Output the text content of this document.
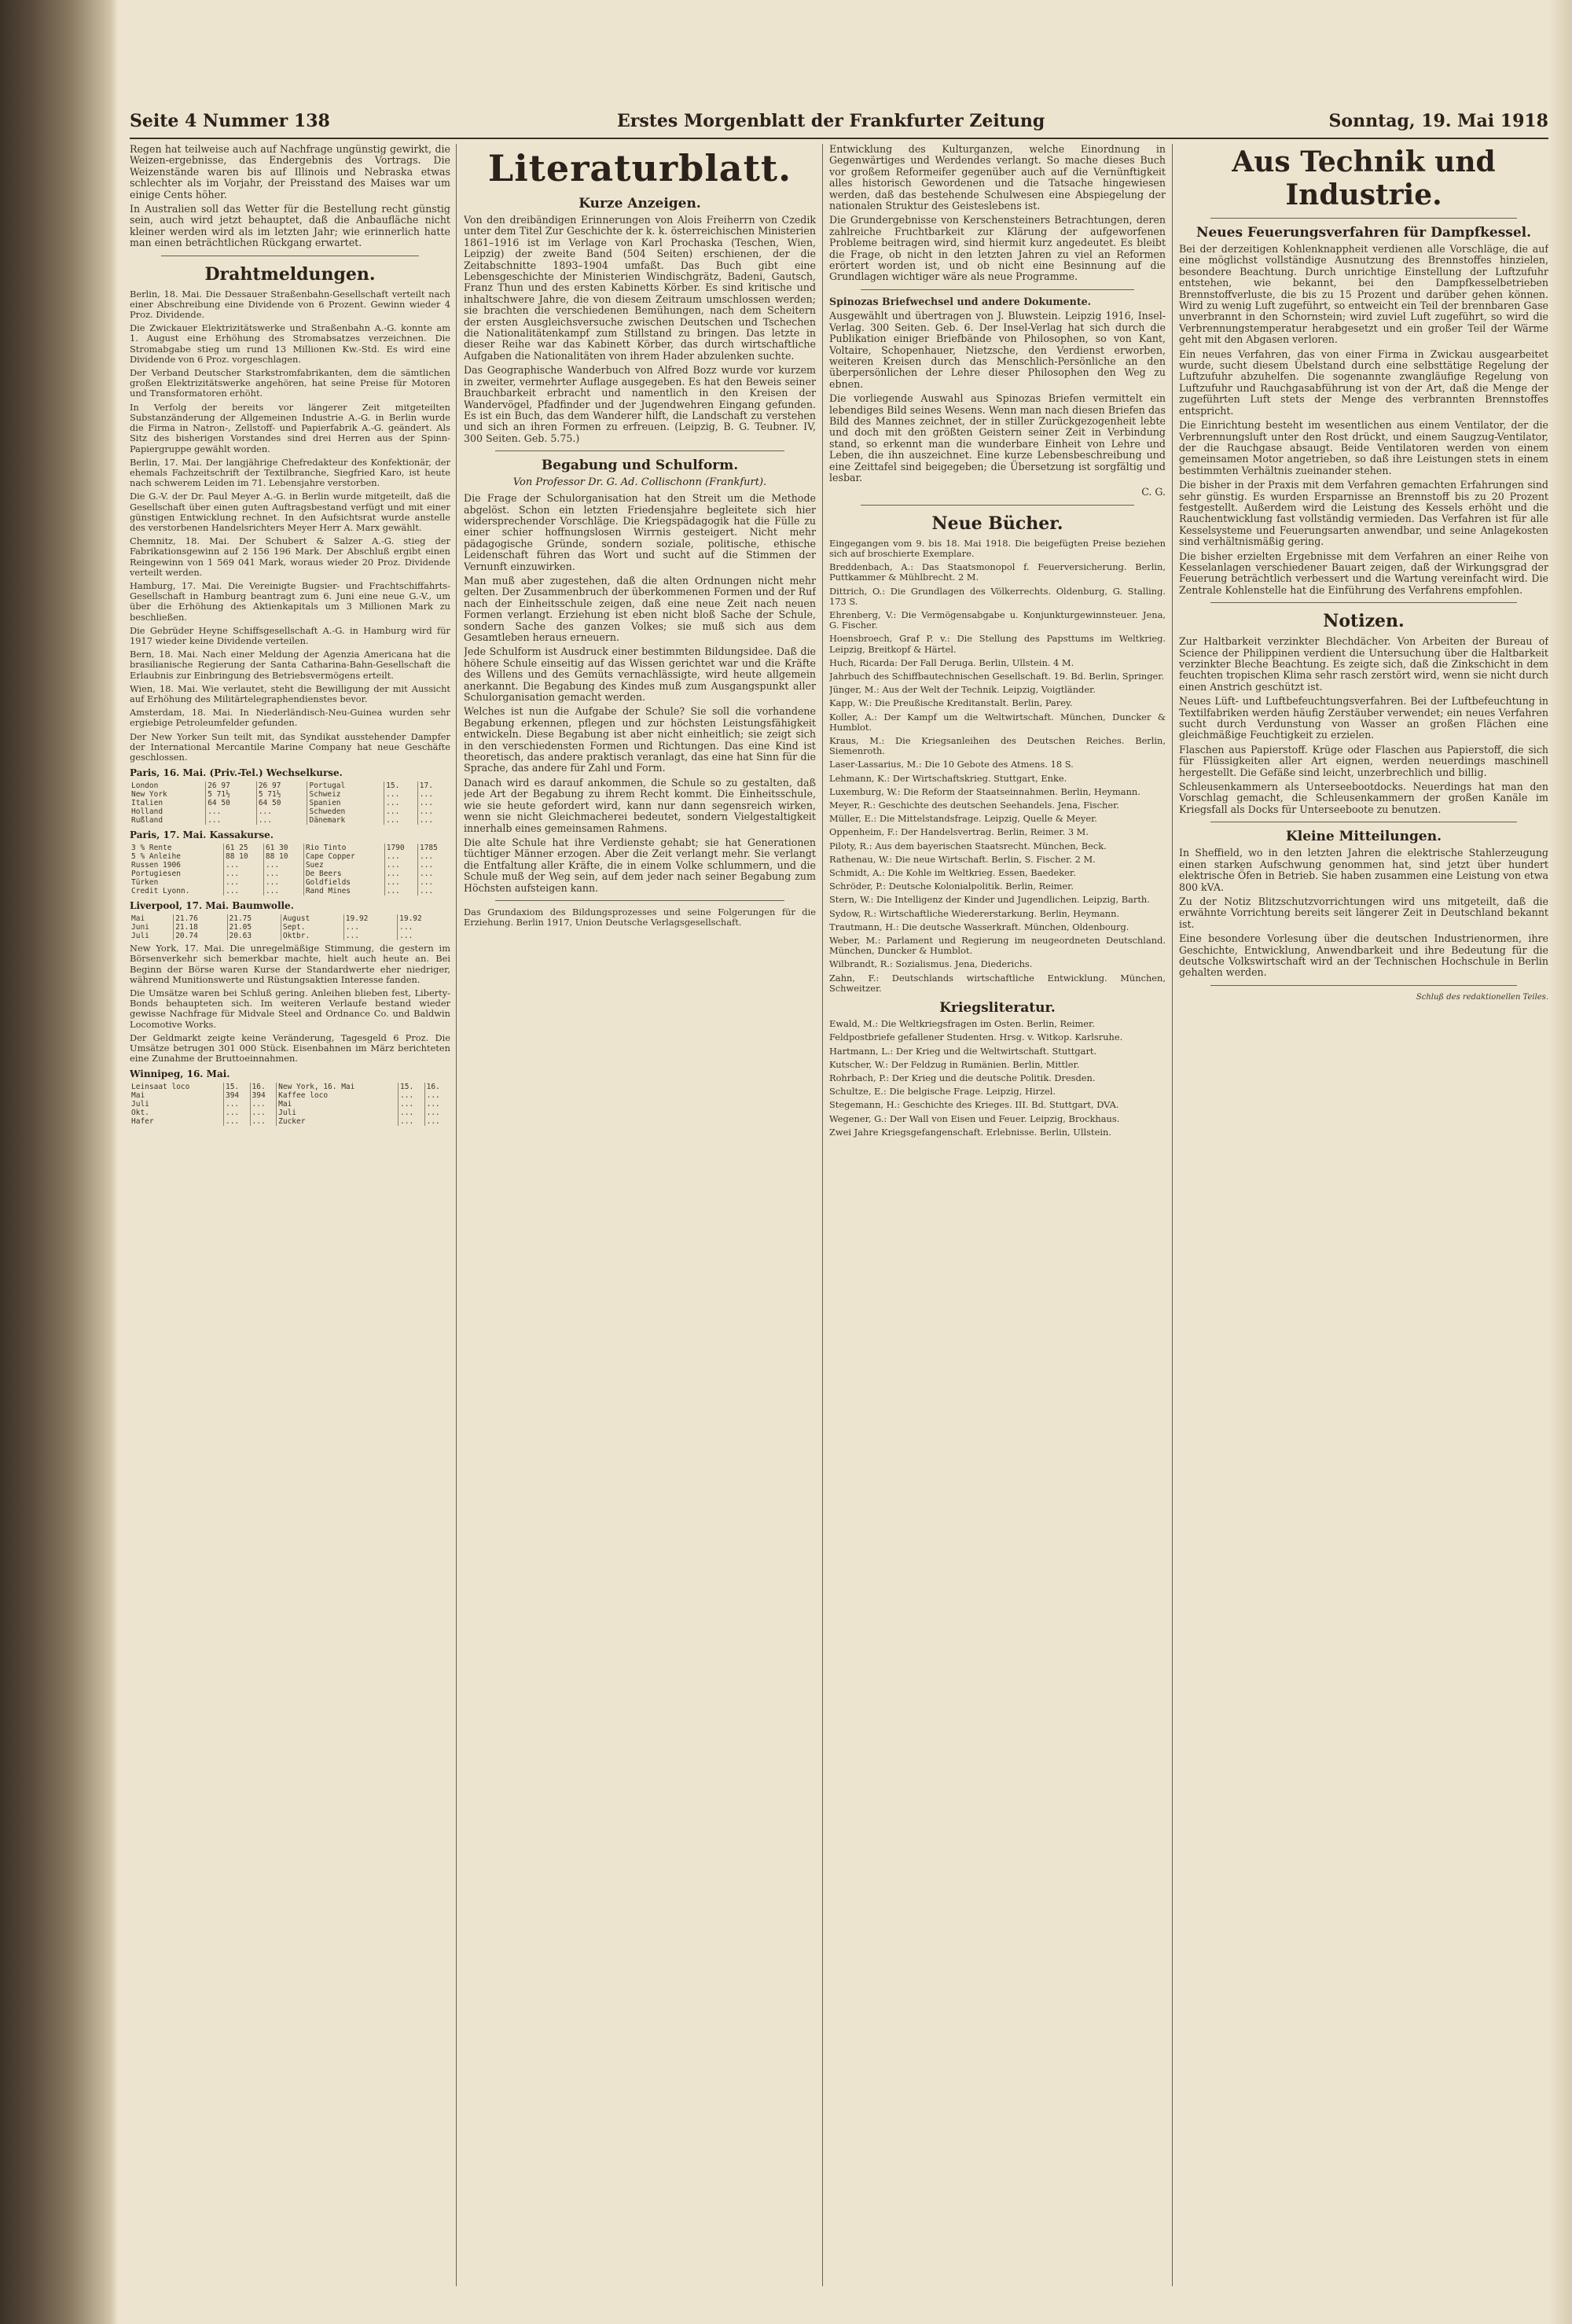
Seite 4 Nummer 138	Erstes Morgenblatt der Frankfurter Zeitung	Sonntag, 19. Mai 1918

Regen hat teilweise auch auf Nachfrage ungünstig gewirkt, die Weizen-ergebnisse, das Endergebnis des Vortrags. Die Weizenstände waren bis auf Illinois und Nebraska etwas schlechter als im Vorjahr, der Preisstand des Maises war um einige Cents höher.

In Australien soll das Wetter für die Bestellung recht günstig sein, auch wird jetzt behauptet, daß die Anbaufläche nicht kleiner werden wird als im letzten Jahr; wie erinnerlich hatte man einen beträchtlichen Rückgang erwartet.

Drahtmeldungen.

Berlin, 18. Mai. Die Dessauer Straßenbahn-Gesellschaft verteilt nach einer Abschreibung eine Dividende von 6 Prozent. Gewinn wieder 4 Proz. Dividende.

Die Zwickauer Elektrizitätswerke und Straßenbahn A.-G. konnte am 1. August eine Erhöhung des Stromabsatzes verzeichnen. Die Stromabgabe stieg um rund 13 Millionen Kw.-Std. Es wird eine Dividende von 6 Proz. vorgeschlagen.

Der Verband Deutscher Starkstromfabrikanten, dem die sämtlichen großen Elektrizitätswerke angehören, hat seine Preise für Motoren und Transformatoren erhöht.

In Verfolg der bereits vor längerer Zeit mitgeteilten Substanzänderung der Allgemeinen Industrie A.-G. in Berlin wurde die Firma in Natron-, Zellstoff- und Papierfabrik A.-G. geändert. Als Sitz des bisherigen Vorstandes sind drei Herren aus der Spinn-Papiergruppe gewählt worden.

Berlin, 17. Mai. Der langjährige Chefredakteur des Konfektionär, der ehemals Fachzeitschrift der Textilbranche, Siegfried Karo, ist heute nach schwerem Leiden im 71. Lebensjahre verstorben.

Die G.-V. der Dr. Paul Meyer A.-G. in Berlin wurde mitgeteilt, daß die Gesellschaft über einen guten Auftragsbestand verfügt und mit einer günstigen Entwicklung rechnet. In den Aufsichtsrat wurde anstelle des verstorbenen Handelsrichters Meyer Herr A. Marx gewählt.

Chemnitz, 18. Mai. Der Schubert & Salzer A.-G. stieg der Fabrikationsgewinn auf 2 156 196 Mark. Der Abschluß ergibt einen Reingewinn von 1 569 041 Mark, woraus wieder 20 Proz. Dividende verteilt werden.

Hamburg, 17. Mai. Die Vereinigte Bugsier- und Frachtschiffahrts-Gesellschaft in Hamburg beantragt zum 6. Juni eine neue G.-V., um über die Erhöhung des Aktienkapitals um 3 Millionen Mark zu beschließen.

Die Gebrüder Heyne Schiffsgesellschaft A.-G. in Hamburg wird für 1917 wieder keine Dividende verteilen.

Bern, 18. Mai. Nach einer Meldung der Agenzia Americana hat die brasilianische Regierung der Santa Catharina-Bahn-Gesellschaft die Erlaubnis zur Einbringung des Betriebsvermögens erteilt.

Wien, 18. Mai. Wie verlautet, steht die Bewilligung der mit Aussicht auf Erhöhung des Militärtelegraphendienstes bevor.

Amsterdam, 18. Mai. In Niederländisch-Neu-Guinea wurden sehr ergiebige Petroleumfelder gefunden.

Der New Yorker Sun teilt mit, das Syndikat ausstehender Dampfer der International Mercantile Marine Company hat neue Geschäfte geschlossen.

Paris, 16. Mai. (Priv.-Tel.) Wechselkurse.
London	26 97	26 97	Portugal	15.	17.
New York	5 71½	5 71½	Schweiz	...	...
Italien	64 50	64 50	Spanien	...	...
Holland	...	...	Schweden	...	...
Rußland	...	...	Dänemark	...	...
Paris, 17. Mai. Kassakurse.
3 % Rente	61 25	61 30	Rio Tinto	1790	1785
5 % Anleihe	88 10	88 10	Cape Copper	...	...
Russen 1906	...	...	Suez	...	...
Portugiesen	...	...	De Beers	...	...
Türken	...	...	Goldfields	...	...
Credit Lyonn.	...	...	Rand Mines	...	...
Liverpool, 17. Mai. Baumwolle.
Mai	21.76	21.75	August	19.92	19.92
Juni	21.18	21.05	Sept.	...	...
Juli	20.74	20.63	Oktbr.	...	...

New York, 17. Mai. Die unregelmäßige Stimmung, die gestern im Börsenverkehr sich bemerkbar machte, hielt auch heute an. Bei Beginn der Börse waren Kurse der Standardwerte eher niedriger, während Munitionswerte und Rüstungsaktien Interesse fanden.

Die Umsätze waren bei Schluß gering. Anleihen blieben fest, Liberty-Bonds behaupteten sich. Im weiteren Verlaufe bestand wieder gewisse Nachfrage für Midvale Steel and Ordnance Co. und Baldwin Locomotive Works.

Der Geldmarkt zeigte keine Veränderung, Tagesgeld 6 Proz. Die Umsätze betrugen 301 000 Stück. Eisenbahnen im März berichteten eine Zunahme der Bruttoeinnahmen.

Winnipeg, 16. Mai.
Leinsaat loco	15.	16.	New York, 16. Mai	15.	16.
Mai	394	394	Kaffee loco	...	...
Juli	...	...	Mai	...	...
Okt.	...	...	Juli	...	...
Hafer	...	...	Zucker	...	...
Literaturblatt.
Kurze Anzeigen.

Von den dreibändigen Erinnerungen von Alois Freiherrn von Czedik unter dem Titel Zur Geschichte der k. k. österreichischen Ministerien 1861–1916 ist im Verlage von Karl Prochaska (Teschen, Wien, Leipzig) der zweite Band (504 Seiten) erschienen, der die Zeitabschnitte 1893–1904 umfaßt. Das Buch gibt eine Lebensgeschichte der Ministerien Windischgrätz, Badeni, Gautsch, Franz Thun und des ersten Kabinetts Körber. Es sind kritische und inhaltschwere Jahre, die von diesem Zeitraum umschlossen werden; sie brachten die verschiedenen Bemühungen, nach dem Scheitern der ersten Ausgleichsversuche zwischen Deutschen und Tschechen die Nationalitätenkampf zum Stillstand zu bringen. Das letzte in dieser Reihe war das Kabinett Körber, das durch wirtschaftliche Aufgaben die Nationalitäten von ihrem Hader abzulenken suchte.

Das Geographische Wanderbuch von Alfred Bozz wurde vor kurzem in zweiter, vermehrter Auflage ausgegeben. Es hat den Beweis seiner Brauchbarkeit erbracht und namentlich in den Kreisen der Wandervögel, Pfadfinder und der Jugendwehren Eingang gefunden. Es ist ein Buch, das dem Wanderer hilft, die Landschaft zu verstehen und sich an ihren Formen zu erfreuen. (Leipzig, B. G. Teubner. IV, 300 Seiten. Geb. 5.75.)

Begabung und Schulform.
Von Professor Dr. G. Ad. Collischonn (Frankfurt).

Die Frage der Schulorganisation hat den Streit um die Methode abgelöst. Schon ein letzten Friedensjahre begleitete sich hier widersprechender Vorschläge. Die Kriegspädagogik hat die Fülle zu einer schier hoffnungslosen Wirrnis gesteigert. Nicht mehr pädagogische Gründe, sondern soziale, politische, ethische Leidenschaft führen das Wort und sucht auf die Stimmen der Vernunft einzuwirken.

Man muß aber zugestehen, daß die alten Ordnungen nicht mehr gelten. Der Zusammenbruch der überkommenen Formen und der Ruf nach der Einheitsschule zeigen, daß eine neue Zeit nach neuen Formen verlangt. Erziehung ist eben nicht bloß Sache der Schule, sondern Sache des ganzen Volkes; sie muß sich aus dem Gesamtleben heraus erneuern.

Jede Schulform ist Ausdruck einer bestimmten Bildungsidee. Daß die höhere Schule einseitig auf das Wissen gerichtet war und die Kräfte des Willens und des Gemüts vernachlässigte, wird heute allgemein anerkannt. Die Begabung des Kindes muß zum Ausgangspunkt aller Schulorganisation gemacht werden.

Welches ist nun die Aufgabe der Schule? Sie soll die vorhandene Begabung erkennen, pflegen und zur höchsten Leistungsfähigkeit entwickeln. Diese Begabung ist aber nicht einheitlich; sie zeigt sich in den verschiedensten Formen und Richtungen. Das eine Kind ist theoretisch, das andere praktisch veranlagt, das eine hat Sinn für die Sprache, das andere für Zahl und Form.

Danach wird es darauf ankommen, die Schule so zu gestalten, daß jede Art der Begabung zu ihrem Recht kommt. Die Einheitsschule, wie sie heute gefordert wird, kann nur dann segensreich wirken, wenn sie nicht Gleichmacherei bedeutet, sondern Vielgestaltigkeit innerhalb eines gemeinsamen Rahmens.

Die alte Schule hat ihre Verdienste gehabt; sie hat Generationen tüchtiger Männer erzogen. Aber die Zeit verlangt mehr. Sie verlangt die Entfaltung aller Kräfte, die in einem Volke schlummern, und die Schule muß der Weg sein, auf dem jeder nach seiner Begabung zum Höchsten aufsteigen kann.

Das Grundaxiom des Bildungsprozesses und seine Folgerungen für die Erziehung. Berlin 1917, Union Deutsche Verlagsgesellschaft.

Entwicklung des Kulturganzen, welche Einordnung in Gegenwärtiges und Werdendes verlangt. So mache dieses Buch vor großem Reformeifer gegenüber auch auf die Vernünftigkeit alles historisch Gewordenen und die Tatsache hingewiesen werden, daß das bestehende Schulwesen eine Abspiegelung der nationalen Struktur des Geisteslebens ist.

Die Grundergebnisse von Kerschensteiners Betrachtungen, deren zahlreiche Fruchtbarkeit zur Klärung der aufgeworfenen Probleme beitragen wird, sind hiermit kurz angedeutet. Es bleibt die Frage, ob nicht in den letzten Jahren zu viel an Reformen erörtert worden ist, und ob nicht eine Besinnung auf die Grundlagen wichtiger wäre als neue Programme.

Spinozas Briefwechsel und andere Dokumente.

Ausgewählt und übertragen von J. Bluwstein. Leipzig 1916, Insel-Verlag. 300 Seiten. Geb. 6. Der Insel-Verlag hat sich durch die Publikation einiger Briefbände von Philosophen, so von Kant, Voltaire, Schopenhauer, Nietzsche, den Verdienst erworben, weiteren Kreisen durch das Menschlich-Persönliche an den überpersönlichen der Lehre dieser Philosophen den Weg zu ebnen.

Die vorliegende Auswahl aus Spinozas Briefen vermittelt ein lebendiges Bild seines Wesens. Wenn man nach diesen Briefen das Bild des Mannes zeichnet, der in stiller Zurückgezogenheit lebte und doch mit den größten Geistern seiner Zeit in Verbindung stand, so erkennt man die wunderbare Einheit von Lehre und Leben, die ihn auszeichnet. Eine kurze Lebensbeschreibung und eine Zeittafel sind beigegeben; die Übersetzung ist sorgfältig und lesbar.

C. G.

Neue Bücher.

Eingegangen vom 9. bis 18. Mai 1918. Die beigefügten Preise beziehen sich auf broschierte Exemplare.

Breddenbach, A.: Das Staatsmonopol f. Feuerversicherung. Berlin, Puttkammer & Mühlbrecht. 2 M.

Dittrich, O.: Die Grundlagen des Völkerrechts. Oldenburg, G. Stalling. 173 S.

Ehrenberg, V.: Die Vermögensabgabe u. Konjunkturgewinnsteuer. Jena, G. Fischer.

Hoensbroech, Graf P. v.: Die Stellung des Papsttums im Weltkrieg. Leipzig, Breitkopf & Härtel.

Huch, Ricarda: Der Fall Deruga. Berlin, Ullstein. 4 M.

Jahrbuch des Schiffbautechnischen Gesellschaft. 19. Bd. Berlin, Springer.

Jünger, M.: Aus der Welt der Technik. Leipzig, Voigtländer.

Kapp, W.: Die Preußische Kreditanstalt. Berlin, Parey.

Koller, A.: Der Kampf um die Weltwirtschaft. München, Duncker & Humblot.

Kraus, M.: Die Kriegsanleihen des Deutschen Reiches. Berlin, Siemenroth.

Laser-Lassarius, M.: Die 10 Gebote des Atmens. 18 S.

Lehmann, K.: Der Wirtschaftskrieg. Stuttgart, Enke.

Luxemburg, W.: Die Reform der Staatseinnahmen. Berlin, Heymann.

Meyer, R.: Geschichte des deutschen Seehandels. Jena, Fischer.

Müller, E.: Die Mittelstandsfrage. Leipzig, Quelle & Meyer.

Oppenheim, F.: Der Handelsvertrag. Berlin, Reimer. 3 M.

Piloty, R.: Aus dem bayerischen Staatsrecht. München, Beck.

Rathenau, W.: Die neue Wirtschaft. Berlin, S. Fischer. 2 M.

Schmidt, A.: Die Kohle im Weltkrieg. Essen, Baedeker.

Schröder, P.: Deutsche Kolonialpolitik. Berlin, Reimer.

Stern, W.: Die Intelligenz der Kinder und Jugendlichen. Leipzig, Barth.

Sydow, R.: Wirtschaftliche Wiedererstarkung. Berlin, Heymann.

Trautmann, H.: Die deutsche Wasserkraft. München, Oldenbourg.

Weber, M.: Parlament und Regierung im neugeordneten Deutschland. München, Duncker & Humblot.

Wilbrandt, R.: Sozialismus. Jena, Diederichs.

Zahn, F.: Deutschlands wirtschaftliche Entwicklung. München, Schweitzer.

Kriegsliteratur.

Ewald, M.: Die Weltkriegsfragen im Osten. Berlin, Reimer.

Feldpostbriefe gefallener Studenten. Hrsg. v. Witkop. Karlsruhe.

Hartmann, L.: Der Krieg und die Weltwirtschaft. Stuttgart.

Kutscher, W.: Der Feldzug in Rumänien. Berlin, Mittler.

Rohrbach, P.: Der Krieg und die deutsche Politik. Dresden.

Schultze, E.: Die belgische Frage. Leipzig, Hirzel.

Stegemann, H.: Geschichte des Krieges. III. Bd. Stuttgart, DVA.

Wegener, G.: Der Wall von Eisen und Feuer. Leipzig, Brockhaus.

Zwei Jahre Kriegsgefangenschaft. Erlebnisse. Berlin, Ullstein.

Aus Technik und Industrie.
Neues Feuerungsverfahren für Dampfkessel.

Bei der derzeitigen Kohlenknappheit verdienen alle Vorschläge, die auf eine möglichst vollständige Ausnutzung des Brennstoffes hinzielen, besondere Beachtung. Durch unrichtige Einstellung der Luftzufuhr entstehen, wie bekannt, bei den Dampfkesselbetrieben Brennstoffverluste, die bis zu 15 Prozent und darüber gehen können. Wird zu wenig Luft zugeführt, so entweicht ein Teil der brennbaren Gase unverbrannt in den Schornstein; wird zuviel Luft zugeführt, so wird die Verbrennungstemperatur herabgesetzt und ein großer Teil der Wärme geht mit den Abgasen verloren.

Ein neues Verfahren, das von einer Firma in Zwickau ausgearbeitet wurde, sucht diesem Übelstand durch eine selbsttätige Regelung der Luftzufuhr abzuhelfen. Die sogenannte zwangläufige Regelung von Luftzufuhr und Rauchgasabführung ist von der Art, daß die Menge der zugeführten Luft stets der Menge des verbrannten Brennstoffes entspricht.

Die Einrichtung besteht im wesentlichen aus einem Ventilator, der die Verbrennungsluft unter den Rost drückt, und einem Saugzug-Ventilator, der die Rauchgase absaugt. Beide Ventilatoren werden von einem gemeinsamen Motor angetrieben, so daß ihre Leistungen stets in einem bestimmten Verhältnis zueinander stehen.

Die bisher in der Praxis mit dem Verfahren gemachten Erfahrungen sind sehr günstig. Es wurden Ersparnisse an Brennstoff bis zu 20 Prozent festgestellt. Außerdem wird die Leistung des Kessels erhöht und die Rauchentwicklung fast vollständig vermieden. Das Verfahren ist für alle Kesselsysteme und Feuerungsarten anwendbar, und seine Anlagekosten sind verhältnismäßig gering.

Die bisher erzielten Ergebnisse mit dem Verfahren an einer Reihe von Kesselanlagen verschiedener Bauart zeigen, daß der Wirkungsgrad der Feuerung beträchtlich verbessert und die Wartung vereinfacht wird. Die Zentrale Kohlenstelle hat die Einführung des Verfahrens empfohlen.

Notizen.

Zur Haltbarkeit verzinkter Blechdächer. Von Arbeiten der Bureau of Science der Philippinen verdient die Untersuchung über die Haltbarkeit verzinkter Bleche Beachtung. Es zeigte sich, daß die Zinkschicht in dem feuchten tropischen Klima sehr rasch zerstört wird, wenn sie nicht durch einen Anstrich geschützt ist.

Neues Lüft- und Luftbefeuchtungsverfahren. Bei der Luftbefeuchtung in Textilfabriken werden häufig Zerstäuber verwendet; ein neues Verfahren sucht durch Verdunstung von Wasser an großen Flächen eine gleichmäßige Feuchtigkeit zu erzielen.

Flaschen aus Papierstoff. Krüge oder Flaschen aus Papierstoff, die sich für Flüssigkeiten aller Art eignen, werden neuerdings maschinell hergestellt. Die Gefäße sind leicht, unzerbrechlich und billig.

Schleusenkammern als Unterseebootdocks. Neuerdings hat man den Vorschlag gemacht, die Schleusenkammern der großen Kanäle im Kriegsfall als Docks für Unterseeboote zu benutzen.

Kleine Mitteilungen.

In Sheffield, wo in den letzten Jahren die elektrische Stahlerzeugung einen starken Aufschwung genommen hat, sind jetzt über hundert elektrische Öfen in Betrieb. Sie haben zusammen eine Leistung von etwa 800 kVA.

Zu der Notiz Blitzschutzvorrichtungen wird uns mitgeteilt, daß die erwähnte Vorrichtung bereits seit längerer Zeit in Deutschland bekannt ist.

Eine besondere Vorlesung über die deutschen Industrienormen, ihre Geschichte, Entwicklung, Anwendbarkeit und ihre Bedeutung für die deutsche Volkswirtschaft wird an der Technischen Hochschule in Berlin gehalten werden.

Schluß des redaktionellen Teiles.
